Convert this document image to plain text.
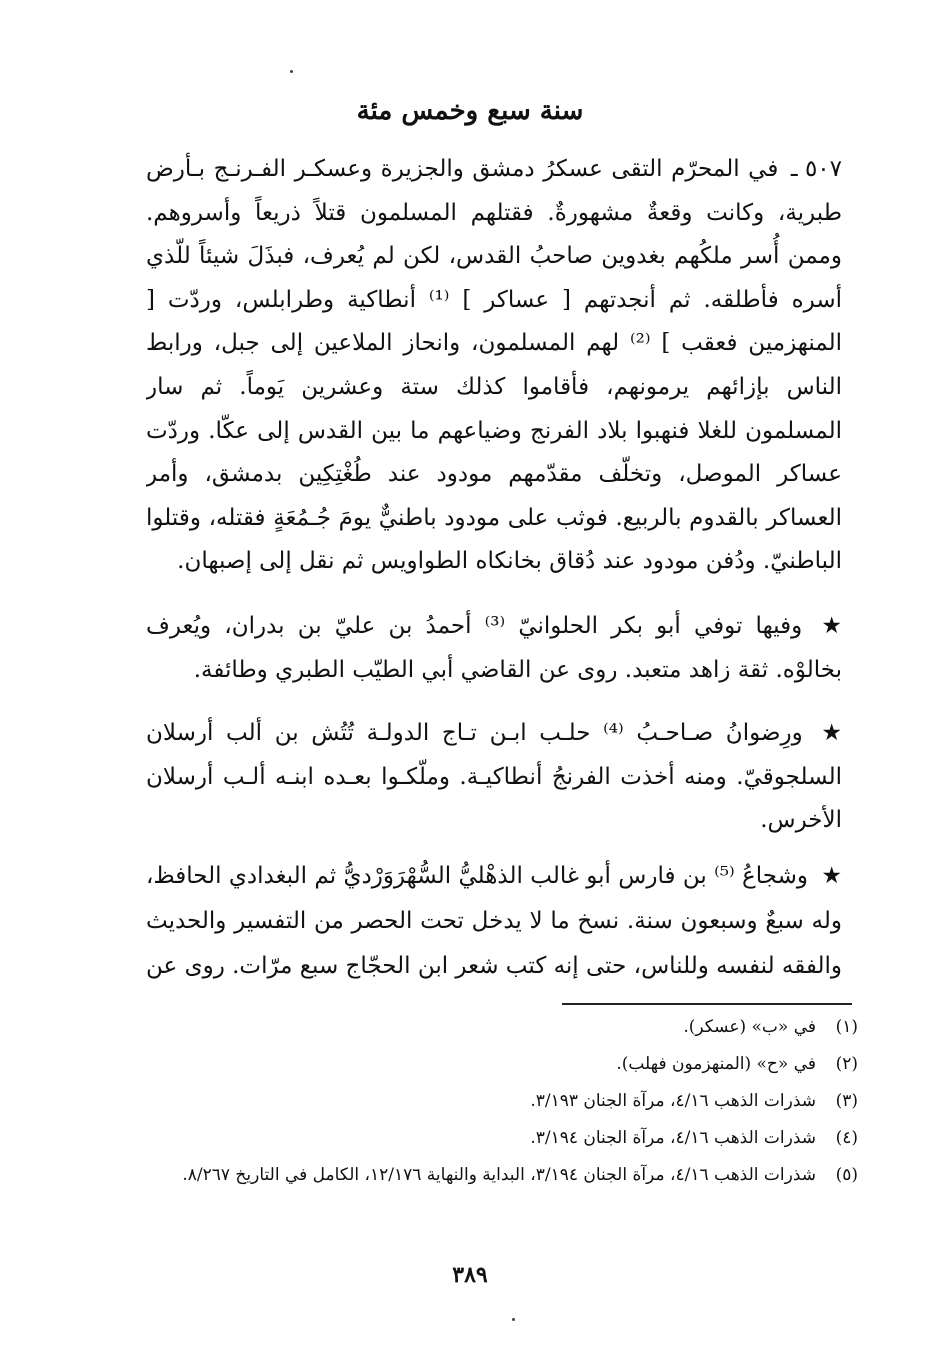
سنة سبع وخمس مئة
٥٠٧ ـ في المحرّم التقى عسكرُ دمشق والجزيرة وعسكـر الفـرنـج بـأرض طبرية، وكانت وقعةٌ مشهورةٌ. فقتلهم المسلمون قتلاً ذريعاً وأسروهم. وممن أُسر ملكُهم بغدوين صاحبُ القدس، لكن لم يُعرف، فبذَلَ شيئاً للّذي أسره فأطلقه. ثم أنجدتهم [ عساكر ] ⁽¹⁾ أنطاكية وطرابلس، وردّت [ المنهزمين فعقب ] ⁽²⁾ لهم المسلمون، وانحاز الملاعين إلى جبل، ورابط الناس بإزائهم يرمونهم، فأقاموا كذلك ستة وعشرين يَوماً. ثم سار المسلمون للغلا فنهبوا بلاد الفرنج وضياعهم ما بين القدس إلى عكّا. وردّت عساكر الموصل، وتخلّف مقدّمهم مودود عند طُغْتِكِين بدمشق، وأمر العساكر بالقدوم بالربيع. فوثب على مودود باطنيٌّ يومَ جُـمُعَةٍ فقتله، وقتلوا الباطنيّ. ودُفن مودود عند دُقاق بخانكاه الطواويس ثم نقل إلى إصبهان.
★ وفيها توفي أبو بكر الحلوانيّ ⁽³⁾ أحمدُ بن عليّ بن بدران، ويُعرف بخالوْه. ثقة زاهد متعبد. روى عن القاضي أبي الطيّب الطبري وطائفة.
★ ورِضوانُ صـاحـبُ ⁽⁴⁾ حلـب ابـن تـاج الدولـة تُتُش بن ألب أرسلان السلجوقيّ. ومنه أخذت الفرنجُ أنطاكيـة. وملّكـوا بعـده ابنـه ألـب أرسلان الأخرس.
★ وشجاعُ ⁽⁵⁾ بن فارس أبو غالب الذهْليُّ السُّهْرَوَرْديُّ ثم البغدادي الحافظ، وله سبعٌ وسبعون سنة. نسخ ما لا يدخل تحت الحصر من التفسير والحديث والفقه لنفسه وللناس، حتى إنه كتب شعر ابن الحجّاج سبع مرّات. روى عن
(١)
في «ب» (عسكر).
(٢)
في «ح» (المنهزمون فهلب).
(٣)
شذرات الذهب ٤/١٦، مرآة الجنان ٣/١٩٣.
(٤)
شذرات الذهب ٤/١٦، مرآة الجنان ٣/١٩٤.
(٥)
شذرات الذهب ٤/١٦، مرآة الجنان ٣/١٩٤، البداية والنهاية ١٢/١٧٦، الكامل في التاريخ ٨/٢٦٧.
٣٨٩
